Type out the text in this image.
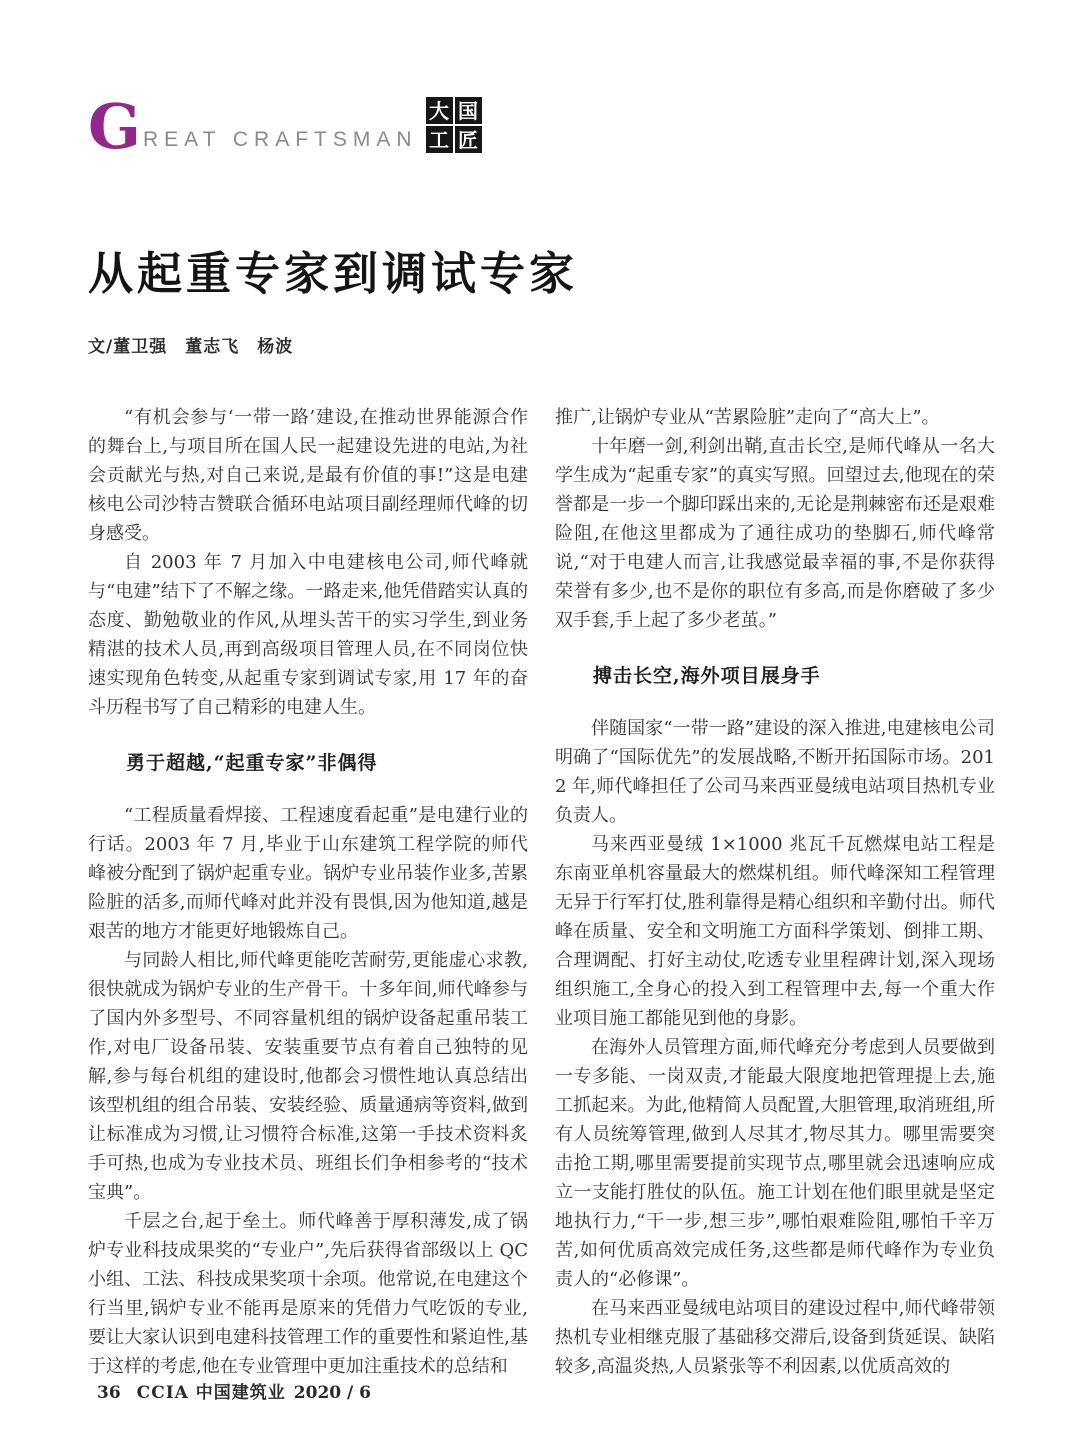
G REAT CRAFTSMAN
大 国
工 匠
从起重专家到调试专家
文/董卫强　董志飞　杨波

“有机会参与‘一带一路’建设,在推动世界能源合作的舞台上,与项目所在国人民一起建设先进的电站,为社会贡献光与热,对自己来说,是最有价值的事!”这是电建核电公司沙特吉赞联合循环电站项目副经理师代峰的切身感受。

自 2003 年 7 月加入中电建核电公司,师代峰就与“电建”结下了不解之缘。一路走来,他凭借踏实认真的态度、勤勉敬业的作风,从埋头苦干的实习学生,到业务精湛的技术人员,再到高级项目管理人员,在不同岗位快速实现角色转变,从起重专家到调试专家,用 17 年的奋斗历程书写了自己精彩的电建人生。

勇于超越,“起重专家”非偶得

“工程质量看焊接、工程速度看起重”是电建行业的行话。2003 年 7 月,毕业于山东建筑工程学院的师代峰被分配到了锅炉起重专业。锅炉专业吊装作业多,苦累险脏的活多,而师代峰对此并没有畏惧,因为他知道,越是艰苦的地方才能更好地锻炼自己。

与同龄人相比,师代峰更能吃苦耐劳,更能虚心求教,很快就成为锅炉专业的生产骨干。十多年间,师代峰参与了国内外多型号、不同容量机组的锅炉设备起重吊装工作,对电厂设备吊装、安装重要节点有着自己独特的见解,参与每台机组的建设时,他都会习惯性地认真总结出该型机组的组合吊装、安装经验、质量通病等资料,做到让标准成为习惯,让习惯符合标准,这第一手技术资料炙手可热,也成为专业技术员、班组长们争相参考的“技术宝典”。

千层之台,起于垒土。师代峰善于厚积薄发,成了锅炉专业科技成果奖的“专业户”,先后获得省部级以上 QC 小组、工法、科技成果奖项十余项。他常说,在电建这个行当里,锅炉专业不能再是原来的凭借力气吃饭的专业,要让大家认识到电建科技管理工作的重要性和紧迫性,基于这样的考虑,他在专业管理中更加注重技术的总结和

推广,让锅炉专业从“苦累险脏”走向了“高大上”。

十年磨一剑,利剑出鞘,直击长空,是师代峰从一名大学生成为“起重专家”的真实写照。回望过去,他现在的荣誉都是一步一个脚印踩出来的,无论是荆棘密布还是艰难险阻,在他这里都成为了通往成功的垫脚石,师代峰常说,“对于电建人而言,让我感觉最幸福的事,不是你获得荣誉有多少,也不是你的职位有多高,而是你磨破了多少双手套,手上起了多少老茧。”

搏击长空,海外项目展身手

伴随国家“一带一路”建设的深入推进,电建核电公司明确了“国际优先”的发展战略,不断开拓国际市场。2012 年,师代峰担任了公司马来西亚曼绒电站项目热机专业负责人。

马来西亚曼绒 1×1000 兆瓦千瓦燃煤电站工程是东南亚单机容量最大的燃煤机组。师代峰深知工程管理无异于行军打仗,胜利靠得是精心组织和辛勤付出。师代峰在质量、安全和文明施工方面科学策划、倒排工期、合理调配、打好主动仗,吃透专业里程碑计划,深入现场组织施工,全身心的投入到工程管理中去,每一个重大作业项目施工都能见到他的身影。

在海外人员管理方面,师代峰充分考虑到人员要做到一专多能、一岗双责,才能最大限度地把管理提上去,施工抓起来。为此,他精简人员配置,大胆管理,取消班组,所有人员统筹管理,做到人尽其才,物尽其力。哪里需要突击抢工期,哪里需要提前实现节点,哪里就会迅速响应成立一支能打胜仗的队伍。施工计划在他们眼里就是坚定地执行力,“干一步,想三步”,哪怕艰难险阻,哪怕千辛万苦,如何优质高效完成任务,这些都是师代峰作为专业负责人的“必修课”。

在马来西亚曼绒电站项目的建设过程中,师代峰带领热机专业相继克服了基础移交滞后,设备到货延误、缺陷较多,高温炎热,人员紧张等不利因素,以优质高效的

36 CCIA 中国建筑业 2020 / 6
